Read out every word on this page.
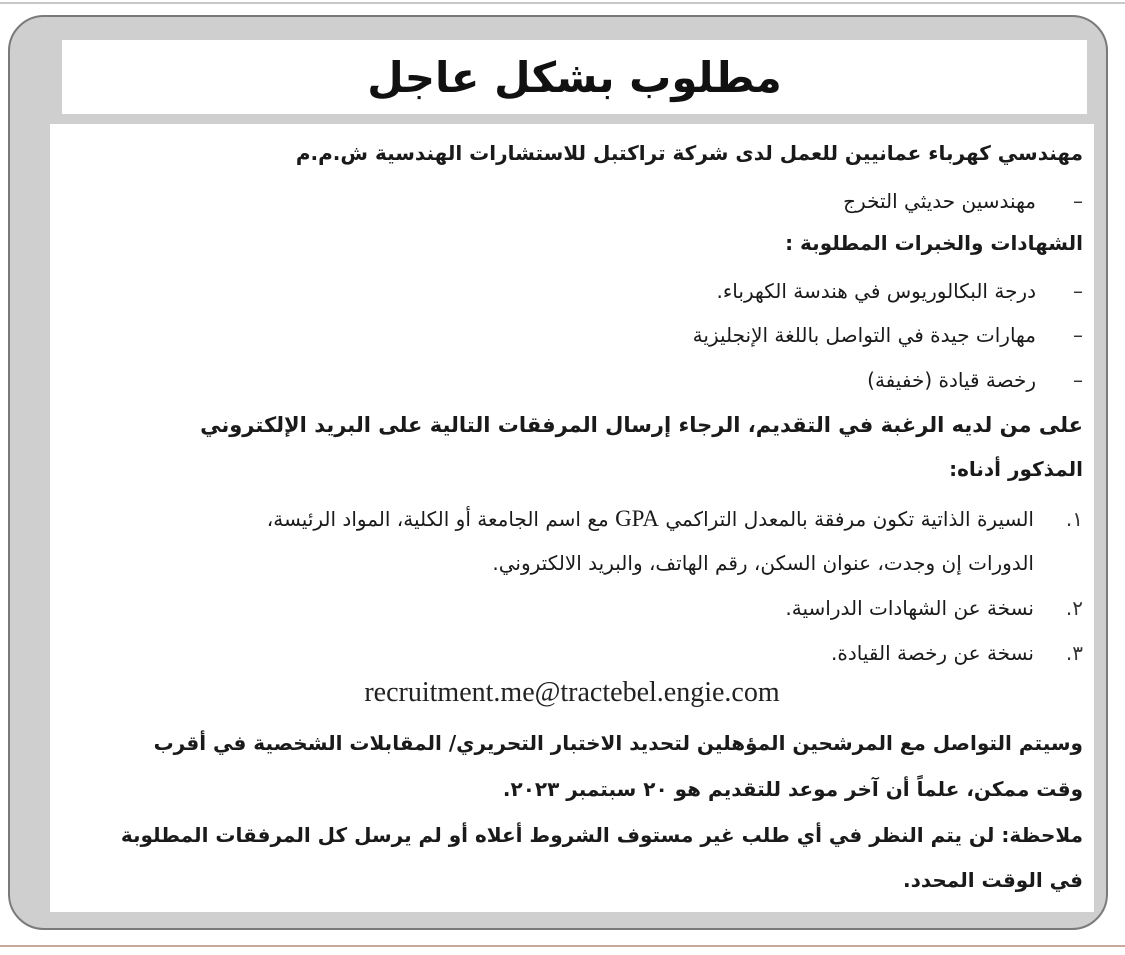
مطلوب بشكل عاجل
مهندسي كهرباء عمانيين للعمل لدى شركة تراكتبل للاستشارات الهندسية ش.م.م
–
مهندسين حديثي التخرج
الشهادات والخبرات المطلوبة :
–
درجة البكالوريوس في هندسة الكهرباء.
–
مهارات جيدة في التواصل باللغة الإنجليزية
–
رخصة قيادة (خفيفة)
على من لديه الرغبة في التقديم، الرجاء إرسال المرفقات التالية على البريد الإلكتروني
المذكور أدناه:
١.
السيرة الذاتية تكون مرفقة بالمعدل التراكمي GPA مع اسم الجامعة أو الكلية، المواد الرئيسة،
الدورات إن وجدت، عنوان السكن، رقم الهاتف، والبريد الالكتروني.
٢.
نسخة عن الشهادات الدراسية.
٣.
نسخة عن رخصة القيادة.
recruitment.me@tractebel.engie.com
وسيتم التواصل مع المرشحين المؤهلين لتحديد الاختبار التحريري/ المقابلات الشخصية في أقرب
وقت ممكن، علماً أن آخر موعد للتقديم هو ٢٠ سبتمبر ٢٠٢٣.
ملاحظة: لن يتم النظر في أي طلب غير مستوف الشروط أعلاه أو لم يرسل كل المرفقات المطلوبة
في الوقت المحدد.
